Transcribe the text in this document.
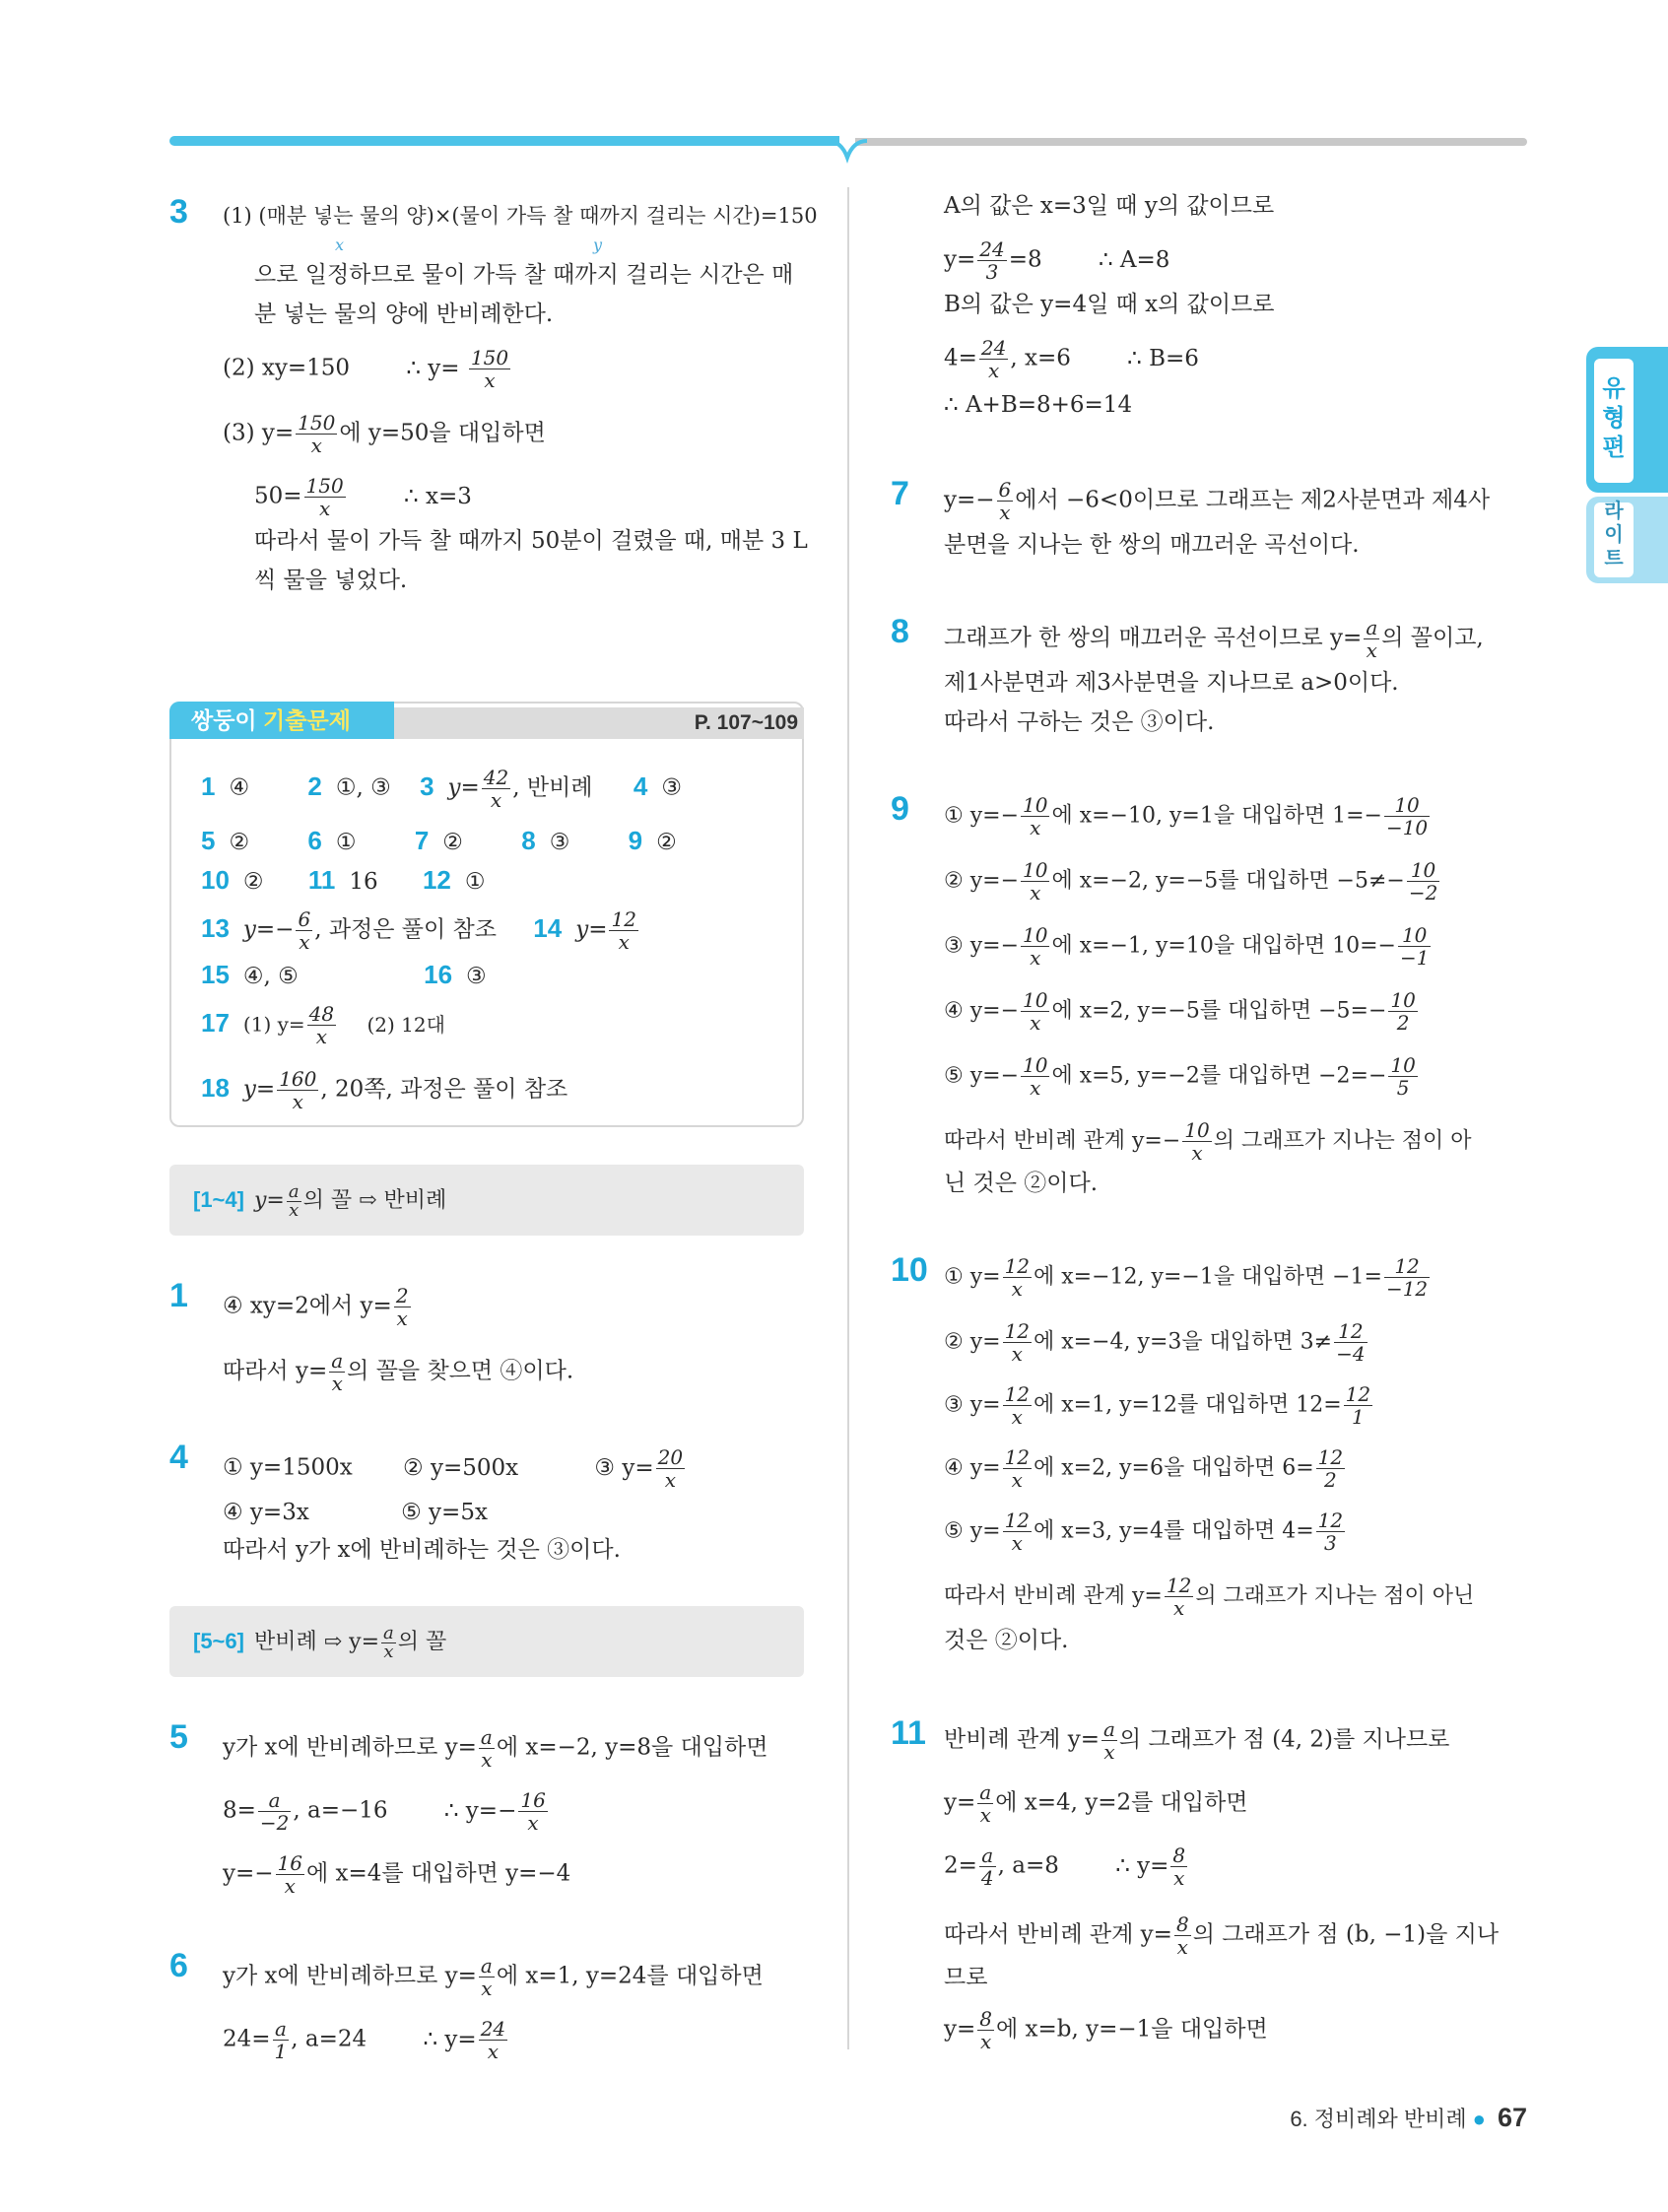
3 (1) (매분 넣는 물의 양)×(물이 가득 찰 때까지 걸리는 시간)=150
x	y
으로 일정하므로 물이 가득 찰 때까지 걸리는 시간은 매
분 넣는 물의 양에 반비례한다.
(2) xy=150 ∴ $y= \frac{150}{x}$
(3) $y= \frac{150}{x}$ 에 y=50을 대입하면
$50= \frac{150}{x}$	∴ x=3
따라서 물이 가득 찰 때까지 50분이 걸렸을 때, 매분 3 L
씩 물을 넣었다.
쌍둥이 기출문제	P. 107~109
1 ④ 2 ①, ③ 3 $y= \frac{42}{x}$ , 반비례 4 ③
5 ② 6 ① 7 ② 8 ③ 9 ②
10 ② 11 16 12 ①
13 $y=- \frac{6}{x}$ , 과정은 풀이 참조 14 $y= \frac{12}{x}$
15 ④, ⑤	16 ③
17 (1) $y= \frac{48}{x} (2)$ 12대
18 $y= \frac{160}{x}$ , 20쪽, 과정은 풀이 참조
[1~4] $y= \frac{a}{x}$ 의 꼴 ⇨ 반비례
1 ④ xy=2에서 $y= \frac{2}{x}$
따라서 $y= \frac{a}{x}$ 의 꼴을 찾으면 ④이다.
4 ① y=1500x ② y=500x	③ $y= \frac{20}{x}$
④ y=3x	⑤ y=5x
따라서 y가 x에 반비례하는 것은 ③이다.
[5~6] 반비례 ⇨ $y= \frac{a}{x}$ 의 꼴
5 y가 x에 반비례하므로 $y= \frac{a}{x}$ 에 x=−2, y=8을 대입하면
$8= \frac{a}{-2}$ , a=−16 ∴ $y=- \frac{16}{x}$
$y=- \frac{16}{x}$ 에 x=4를 대입하면 y=−4
6 y가 x에 반비례하므로 $y= \frac{a}{x}$ 에 x=1, y=24를 대입하면
$24= \frac{a}{1}$ , a=24 ∴ $y= \frac{24}{x}$
A의 값은 x=3일 때 y의 값이므로
$y= \frac{24}{3} =8$ ∴ A=8
B의 값은 y=4일 때 x의 값이므로
$4= \frac{24}{x}$ , x=6 ∴ B=6
∴ A+B=8+6=14
7 $y=- \frac{6}{x}$ 에서 −6<0이므로 그래프는 제2사분면과 제4사
분면을 지나는 한 쌍의 매끄러운 곡선이다.
8 그래프가 한 쌍의 매끄러운 곡선이므로 $y= \frac{a}{x}$ 의 꼴이고,
제1사분면과 제3사분면을 지나므로 a>0이다.
따라서 구하는 것은 ③이다.
9 ① $y=- \frac{10}{x}$ 에 x=−10, y=1을 대입하면 $1=- \frac{10}{-10}$
② $y=- \frac{10}{x}$ 에 x=−2, y=−5를 대입하면 $-5\ne- \frac{10}{-2}$
③ $y=- \frac{10}{x}$ 에 x=−1, y=10을 대입하면 $10=- \frac{10}{-1}$
④ $y=- \frac{10}{x}$ 에 x=2, y=−5를 대입하면 $-5=- \frac{10}{2}$
⑤ $y=- \frac{10}{x}$ 에 x=5, y=−2를 대입하면 $-2=- \frac{10}{5}$
따라서 반비례 관계 $y=- \frac{10}{x}$ 의 그래프가 지나는 점이 아
닌 것은 ②이다.
10 ① $y= \frac{12}{x}$ 에 x=−12, y=−1을 대입하면 $-1= \frac{12}{-12}$
② $y= \frac{12}{x}$ 에 x=−4, y=3을 대입하면 $3\ne \frac{12}{-4}$
③ $y= \frac{12}{x}$ 에 x=1, y=12를 대입하면 $12= \frac{12}{1}$
④ $y= \frac{12}{x}$ 에 x=2, y=6을 대입하면 $6= \frac{12}{2}$
⑤ $y= \frac{12}{x}$ 에 x=3, y=4를 대입하면 $4= \frac{12}{3}$
따라서 반비례 관계 $y= \frac{12}{x}$ 의 그래프가 지나는 점이 아닌
것은 ②이다.
11 반비례 관계 $y= \frac{a}{x}$ 의 그래프가 점 (4, 2)를 지나므로
$y= \frac{a}{x}$ 에 x=4, y=2를 대입하면
$2= \frac{a}{4}$ , a=8 ∴ $y= \frac{8}{x}$
따라서 반비례 관계 $y= \frac{8}{x}$ 의 그래프가 점 (b, −1)을 지나
므로
$y= \frac{8}{x}$ 에 x=b, y=−1을 대입하면
유
형
편
라
이
트
6. 정비례와 반비례 ● 67
